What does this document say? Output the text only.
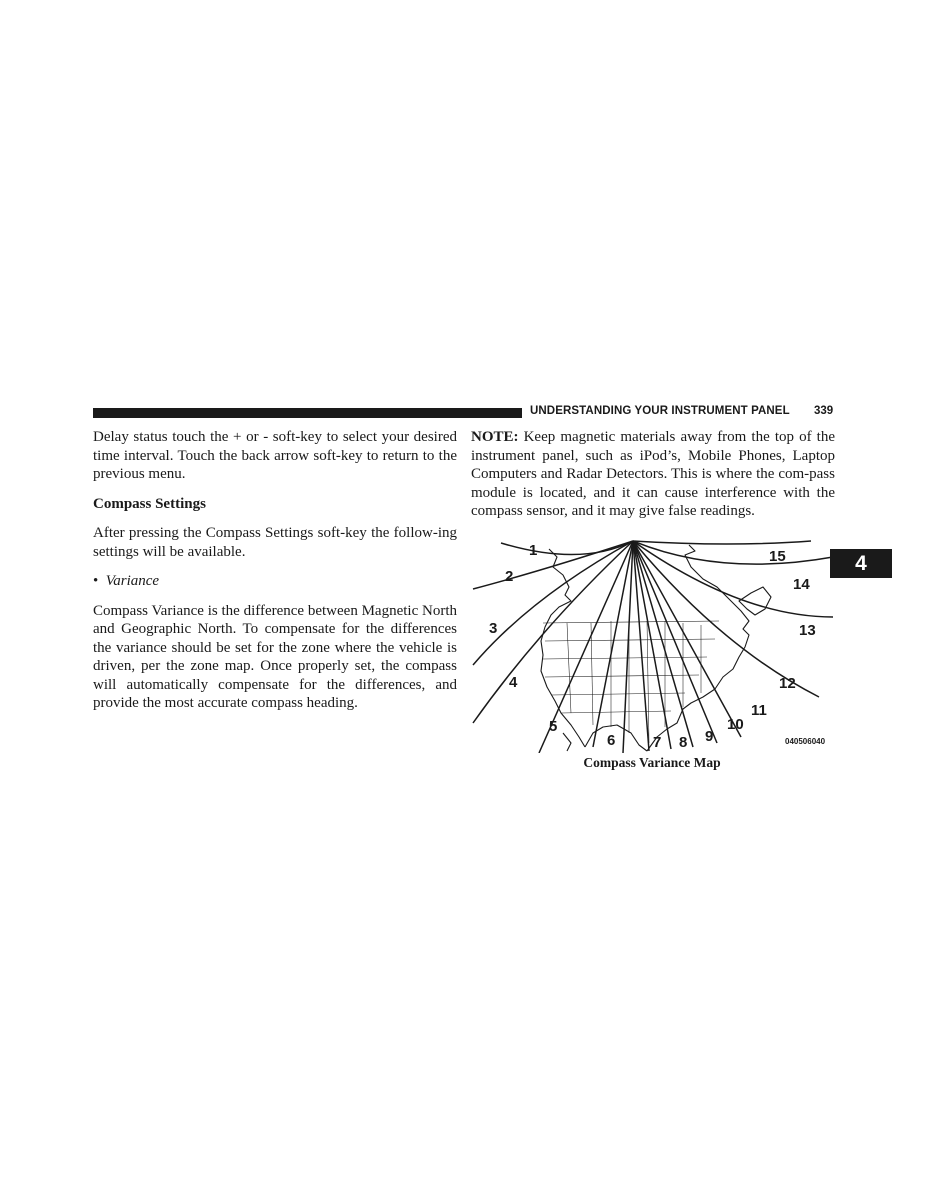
UNDERSTANDING YOUR INSTRUMENT PANEL 339

Delay status touch the + or - soft-key to select your desired time interval. Touch the back arrow soft-key to return to the previous menu.

Compass Settings

After pressing the Compass Settings soft-key the follow-ing settings will be available.

• Variance

Compass Variance is the difference between Magnetic North and Geographic North. To compensate for the differences the variance should be set for the zone where the vehicle is driven, per the zone map. Once properly set, the compass will automatically compensate for the differences, and provide the most accurate compass heading.

NOTE: Keep magnetic materials away from the top of the instrument panel, such as iPod’s, Mobile Phones, Laptop Computers and Radar Detectors. This is where the com-pass module is located, and it can cause interference with the compass sensor, and it may give false readings.

4
1
2
3
4
5
6	7 8 9
10
11
12
13
14
15
040506040
Compass Variance Map
